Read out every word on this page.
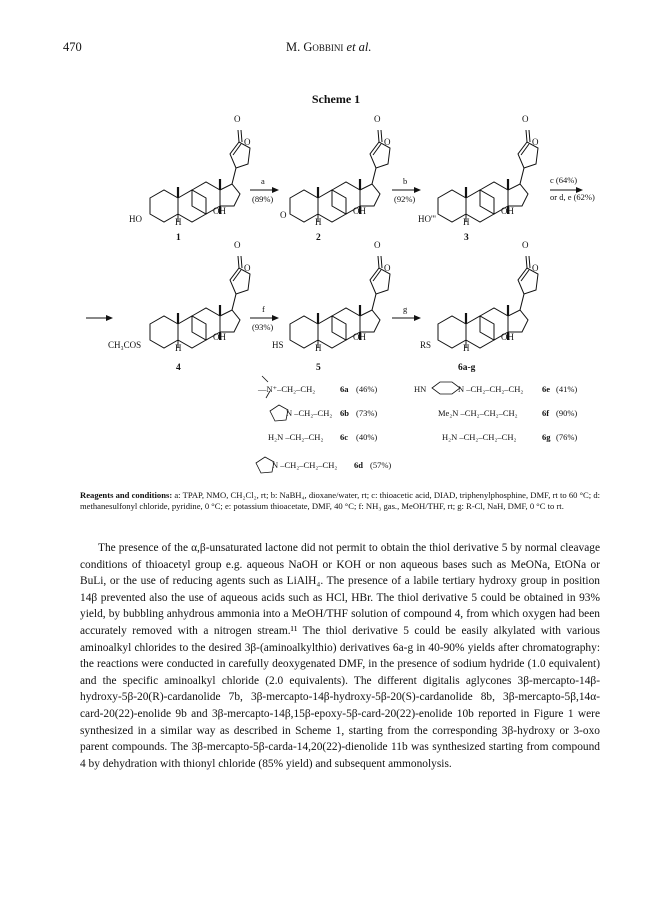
470	M. Gobbini et al.
Scheme 1
O
O
OH
H
HO
1
a
(89%)
O
O
OH
H
O
2
b
(92%)
O
O
OH
H
HO'''
3
c (64%)
or d, e (62%)
O
O
OH
H
CH₃COS
4
f
(93%)
O
O
OH
H
HS
5
g
O
O
OH
H
RS
6a-g
—N⁺–CH₂–CH₂	6a (46%)
N –CH₂–CH₂ 6b (73%)
H₂N –CH₂–CH₂ 6c (40%)
N –CH₂–CH₂–CH₂ 6d (57%)
HN	N –CH₂–CH₂–CH₂ 6e (41%)
Me₂N –CH₂–CH₂–CH₂	6f (90%)
H₂N –CH₂–CH₂–CH₂	6g (76%)
Reagents and conditions: a: TPAP, NMO, CH₂Cl₂, rt; b: NaBH₄, dioxane/water, rt; c: thioacetic acid, DIAD, triphenylphosphine, DMF, rt to 60 °C; d: methanesulfonyl chloride, pyridine, 0 °C; e: potassium thioacetate, DMF, 40 °C; f: NH₃ gas., MeOH/THF, rt; g: R-Cl, NaH, DMF, 0 °C to rt.

The presence of the α,β-unsaturated lactone did not permit to obtain the thiol derivative 5 by normal cleavage conditions of thioacetyl group e.g. aqueous NaOH or KOH or non aqueous bases such as MeONa, EtONa or BuLi, or the use of reducing agents such as LiAlH₄. The presence of a labile tertiary hydroxy group in position 14β prevented also the use of aqueous acids such as HCl, HBr. The thiol derivative 5 could be obtained in 93% yield, by bubbling anhydrous ammonia into a MeOH/THF solution of compound 4, from which oxygen had been accurately removed with a nitrogen stream.¹¹ The thiol derivative 5 could be easily alkylated with various aminoalkyl chlorides to the desired 3β-(aminoalkylthio) derivatives 6a-g in 40-90% yields after chromatography: the reactions were conducted in carefully deoxygenated DMF, in the presence of sodium hydride (1.0 equivalent) and the specific aminoalkyl chloride (2.0 equivalents). The different digitalis aglycones 3β-mercapto-14β-hydroxy-5β-20(R)-cardanolide 7b, 3β-mercapto-14β-hydroxy-5β-20(S)-cardanolide 8b, 3β-mercapto-5β,14α-card-20(22)-enolide 9b and 3β-mercapto-14β,15β-epoxy-5β-card-20(22)-enolide 10b reported in Figure 1 were synthesized in a similar way as described in Scheme 1, starting from the corresponding 3β-hydroxy or 3-oxo parent compounds. The 3β-mercapto-5β-carda-14,20(22)-dienolide 11b was synthesized starting from compound 4 by dehydration with thionyl chloride (85% yield) and subsequent ammonolysis.
